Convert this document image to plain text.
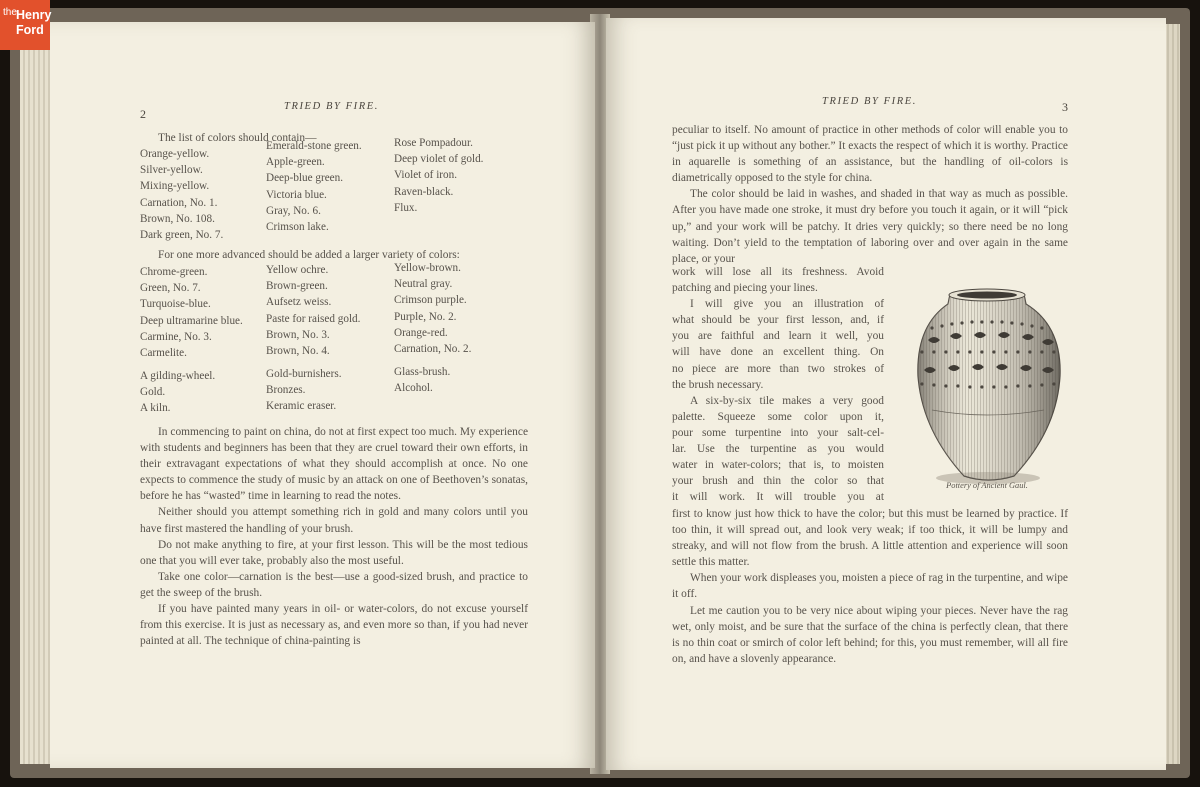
2
TRIED BY FIRE.
The list of colors should contain—
Orange-yellow.
Silver-yellow.
Mixing-yellow.
Carnation, No. 1.
Brown, No. 108.
Dark green, No. 7.
Emerald-stone green.
Apple-green.
Deep-blue green.
Victoria blue.
Gray, No. 6.
Crimson lake.
Rose Pompadour.
Deep violet of gold.
Violet of iron.
Raven-black.
Flux.
For one more advanced should be added a larger variety of colors:
Chrome-green.
Green, No. 7.
Turquoise-blue.
Deep ultramarine blue.
Carmine, No. 3.
Carmelite.
Yellow ochre.
Brown-green.
Aufsetz weiss.
Paste for raised gold.
Brown, No. 3.
Brown, No. 4.
Yellow-brown.
Neutral gray.
Crimson purple.
Purple, No. 2.
Orange-red.
Carnation, No. 2.
A gilding-wheel.
Gold.
A kiln.
Gold-burnishers.
Bronzes.
Keramic eraser.
Glass-brush.
Alcohol.

In commencing to paint on china, do not at first expect too much. My experience with students and beginners has been that they are cruel toward their own efforts, in their extravagant expectations of what they should accomplish at once. No one expects to commence the study of music by an attack on one of Beethoven’s sonatas, before he has “wasted” time in learning to read the notes.

Neither should you attempt something rich in gold and many colors until you have first mastered the handling of your brush.

Do not make anything to fire, at your first lesson. This will be the most tedious one that you will ever take, probably also the most useful.

Take one color—carnation is the best—use a good-sized brush, and practice to get the sweep of the brush.

If you have painted many years in oil- or water-colors, do not excuse yourself from this exercise. It is just as necessary as, and even more so than, if you had never painted at all. The technique of china-painting is

TRIED BY FIRE.	3

peculiar to itself. No amount of practice in other methods of color will enable you to “just pick it up without any bother.” It exacts the respect of which it is worthy. Practice in aquarelle is something of an assistance, but the handling of oil-colors is diametrically opposed to the style for china.

The color should be laid in washes, and shaded in that way as much as possible. After you have made one stroke, it must dry before you touch it again, or it will “pick up,” and your work will be patchy. It dries very quickly; so there need be no long waiting. Don’t yield to the temptation of laboring over and over again in the same place, or your

work will lose all its freshness. Avoid
patching and piecing your lines.
I will give you an illustration of
what should be your first lesson, and, if
you are faithful and learn it well, you
will have done an excellent thing. On
no piece are more than two strokes of
the brush necessary.
A six-by-six tile makes a very good
palette. Squeeze some color upon it,
pour some turpentine into your salt-cel-
lar. Use the turpentine as you would
water in water-colors; that is, to moisten
your brush and thin the color so that
it will work. It will trouble you at
Pottery of Ancient Gaul.

first to know just how thick to have the color; but this must be learned by practice. If too thin, it will spread out, and look very weak; if too thick, it will be lumpy and streaky, and will not flow from the brush. A little attention and experience will soon settle this matter.

When your work displeases you, moisten a piece of rag in the turpentine, and wipe it off.

Let me caution you to be very nice about wiping your pieces. Never have the rag wet, only moist, and be sure that the surface of the china is perfectly clean, that there is no thin coat or smirch of color left behind; for this, you must remember, will all fire on, and have a slovenly appearance.

the Henry
Ford
